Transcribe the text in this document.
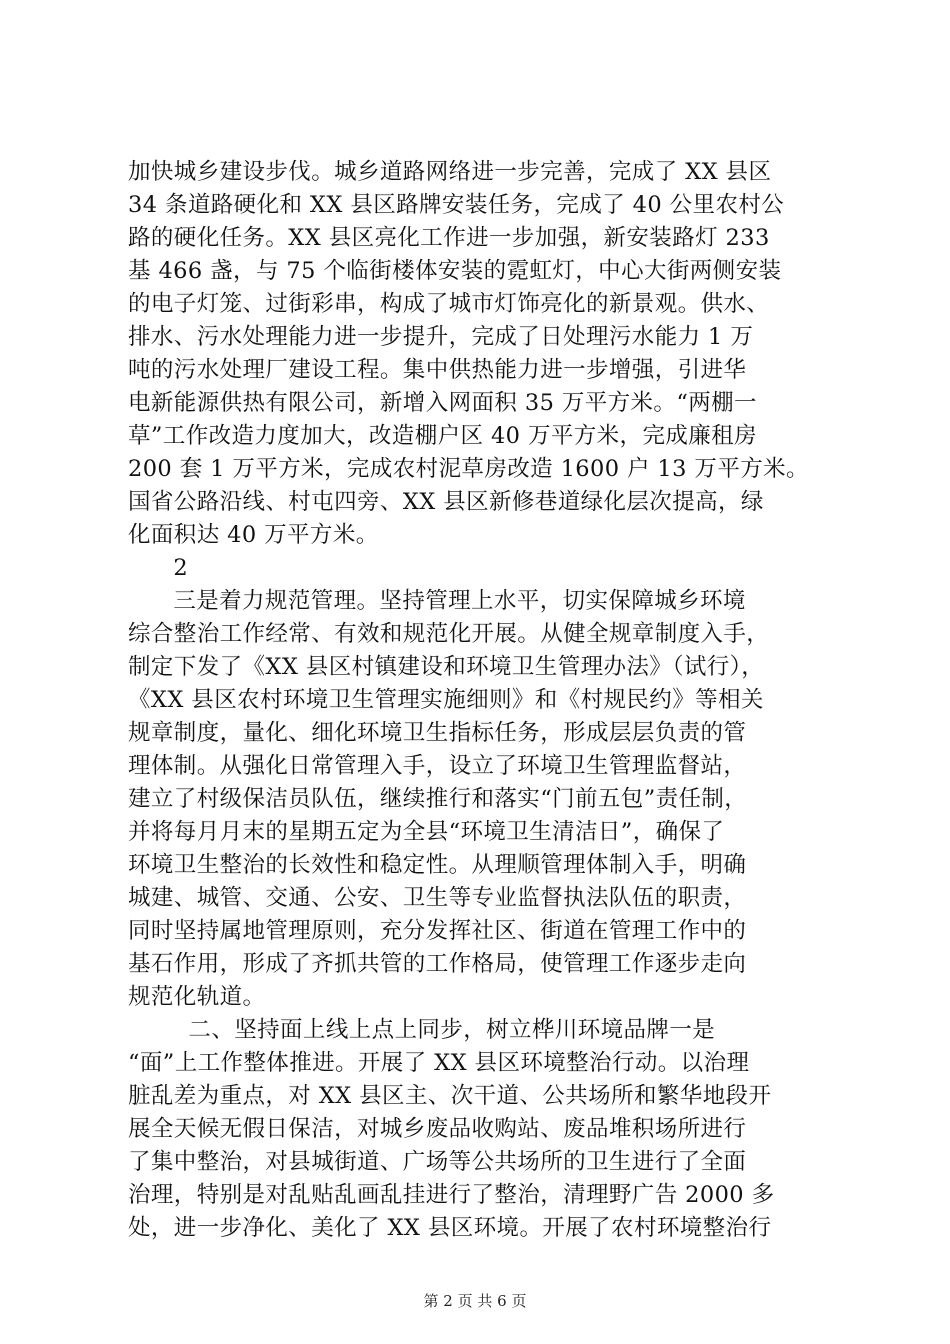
加快城乡建设步伐。城乡道路网络进一步完善，完成了 XX 县区
34 条道路硬化和 XX 县区路牌安装任务，完成了 40 公里农村公
路的硬化任务。XX 县区亮化工作进一步加强，新安装路灯 233
基 466 盏，与 75 个临街楼体安装的霓虹灯，中心大街两侧安装
的电子灯笼、过街彩串，构成了城市灯饰亮化的新景观。供水、
排水、污水处理能力进一步提升，完成了日处理污水能力 1 万
吨的污水处理厂建设工程。集中供热能力进一步增强，引进华
电新能源供热有限公司，新增入网面积 35 万平方米。“两棚一
草”工作改造力度加大，改造棚户区 40 万平方米，完成廉租房
200 套 1 万平方米，完成农村泥草房改造 1600 户 13 万平方米。
国省公路沿线、村屯四旁、XX 县区新修巷道绿化层次提高，绿
化面积达 40 万平方米。
2
三是着力规范管理。坚持管理上水平，切实保障城乡环境
综合整治工作经常、有效和规范化开展。从健全规章制度入手，
制定下发了《XX 县区村镇建设和环境卫生管理办法》（试行），
《XX 县区农村环境卫生管理实施细则》和《村规民约》等相关
规章制度，量化、细化环境卫生指标任务，形成层层负责的管
理体制。从强化日常管理入手，设立了环境卫生管理监督站，
建立了村级保洁员队伍，继续推行和落实“门前五包”责任制，
并将每月月末的星期五定为全县“环境卫生清洁日”，确保了
环境卫生整治的长效性和稳定性。从理顺管理体制入手，明确
城建、城管、交通、公安、卫生等专业监督执法队伍的职责，
同时坚持属地管理原则，充分发挥社区、街道在管理工作中的
基石作用，形成了齐抓共管的工作格局，使管理工作逐步走向
规范化轨道。
二、坚持面上线上点上同步，树立桦川环境品牌一是
“面”上工作整体推进。开展了 XX 县区环境整治行动。以治理
脏乱差为重点，对 XX 县区主、次干道、公共场所和繁华地段开
展全天候无假日保洁，对城乡废品收购站、废品堆积场所进行
了集中整治，对县城街道、广场等公共场所的卫生进行了全面
治理，特别是对乱贴乱画乱挂进行了整治，清理野广告 2000 多
处，进一步净化、美化了 XX 县区环境。开展了农村环境整治行
第 2 页 共 6 页
